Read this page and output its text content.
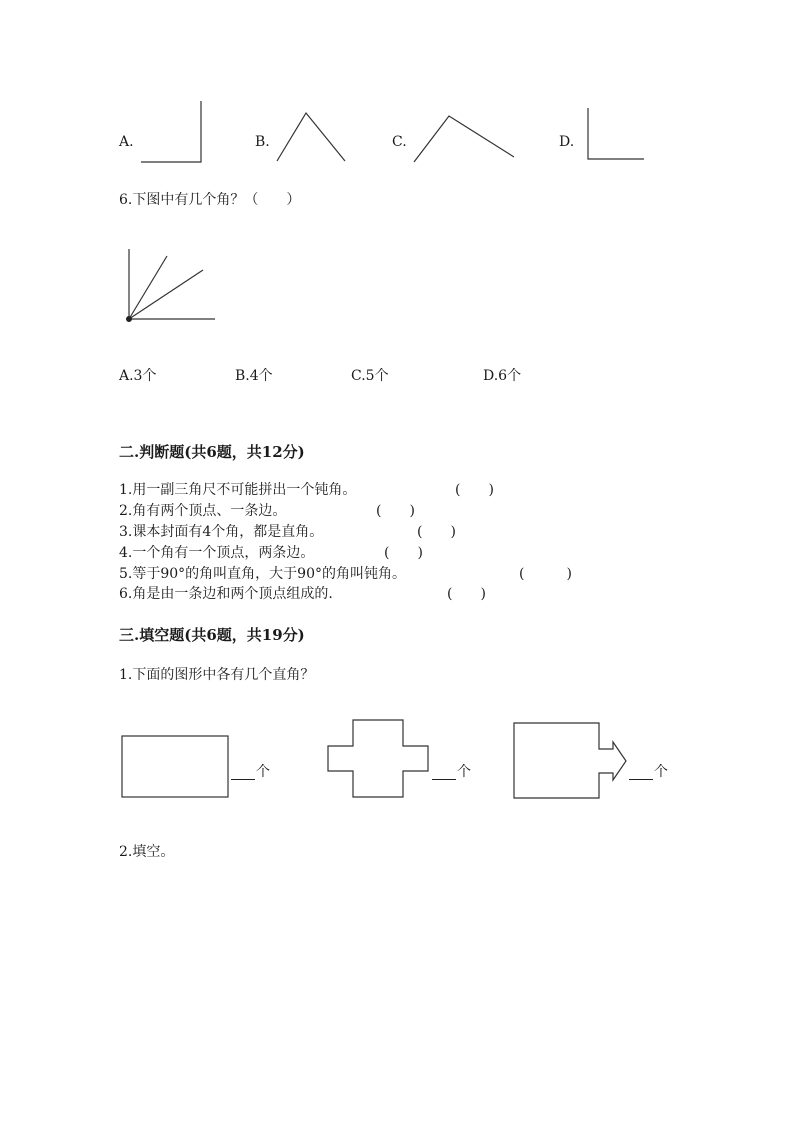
A.	B.	C.	D.
6.下图中有几个角？（　　）
A.3个	B.4个	C.5个	D.6个
二.判断题(共6题，共12分)
1.用一副三角尺不可能拼出一个钝角。	(　　)
2.角有两个顶点、一条边。	(　　)
3.课本封面有4个角，都是直角。	(　　)
4.一个角有一个顶点，两条边。	(　　)
5.等于90°的角叫直角，大于90°的角叫钝角。	(　　　)
6.角是由一条边和两个顶点组成的.	(　　)
三.填空题(共6题，共19分)
1.下面的图形中各有几个直角？
个	个	个
2.填空。
